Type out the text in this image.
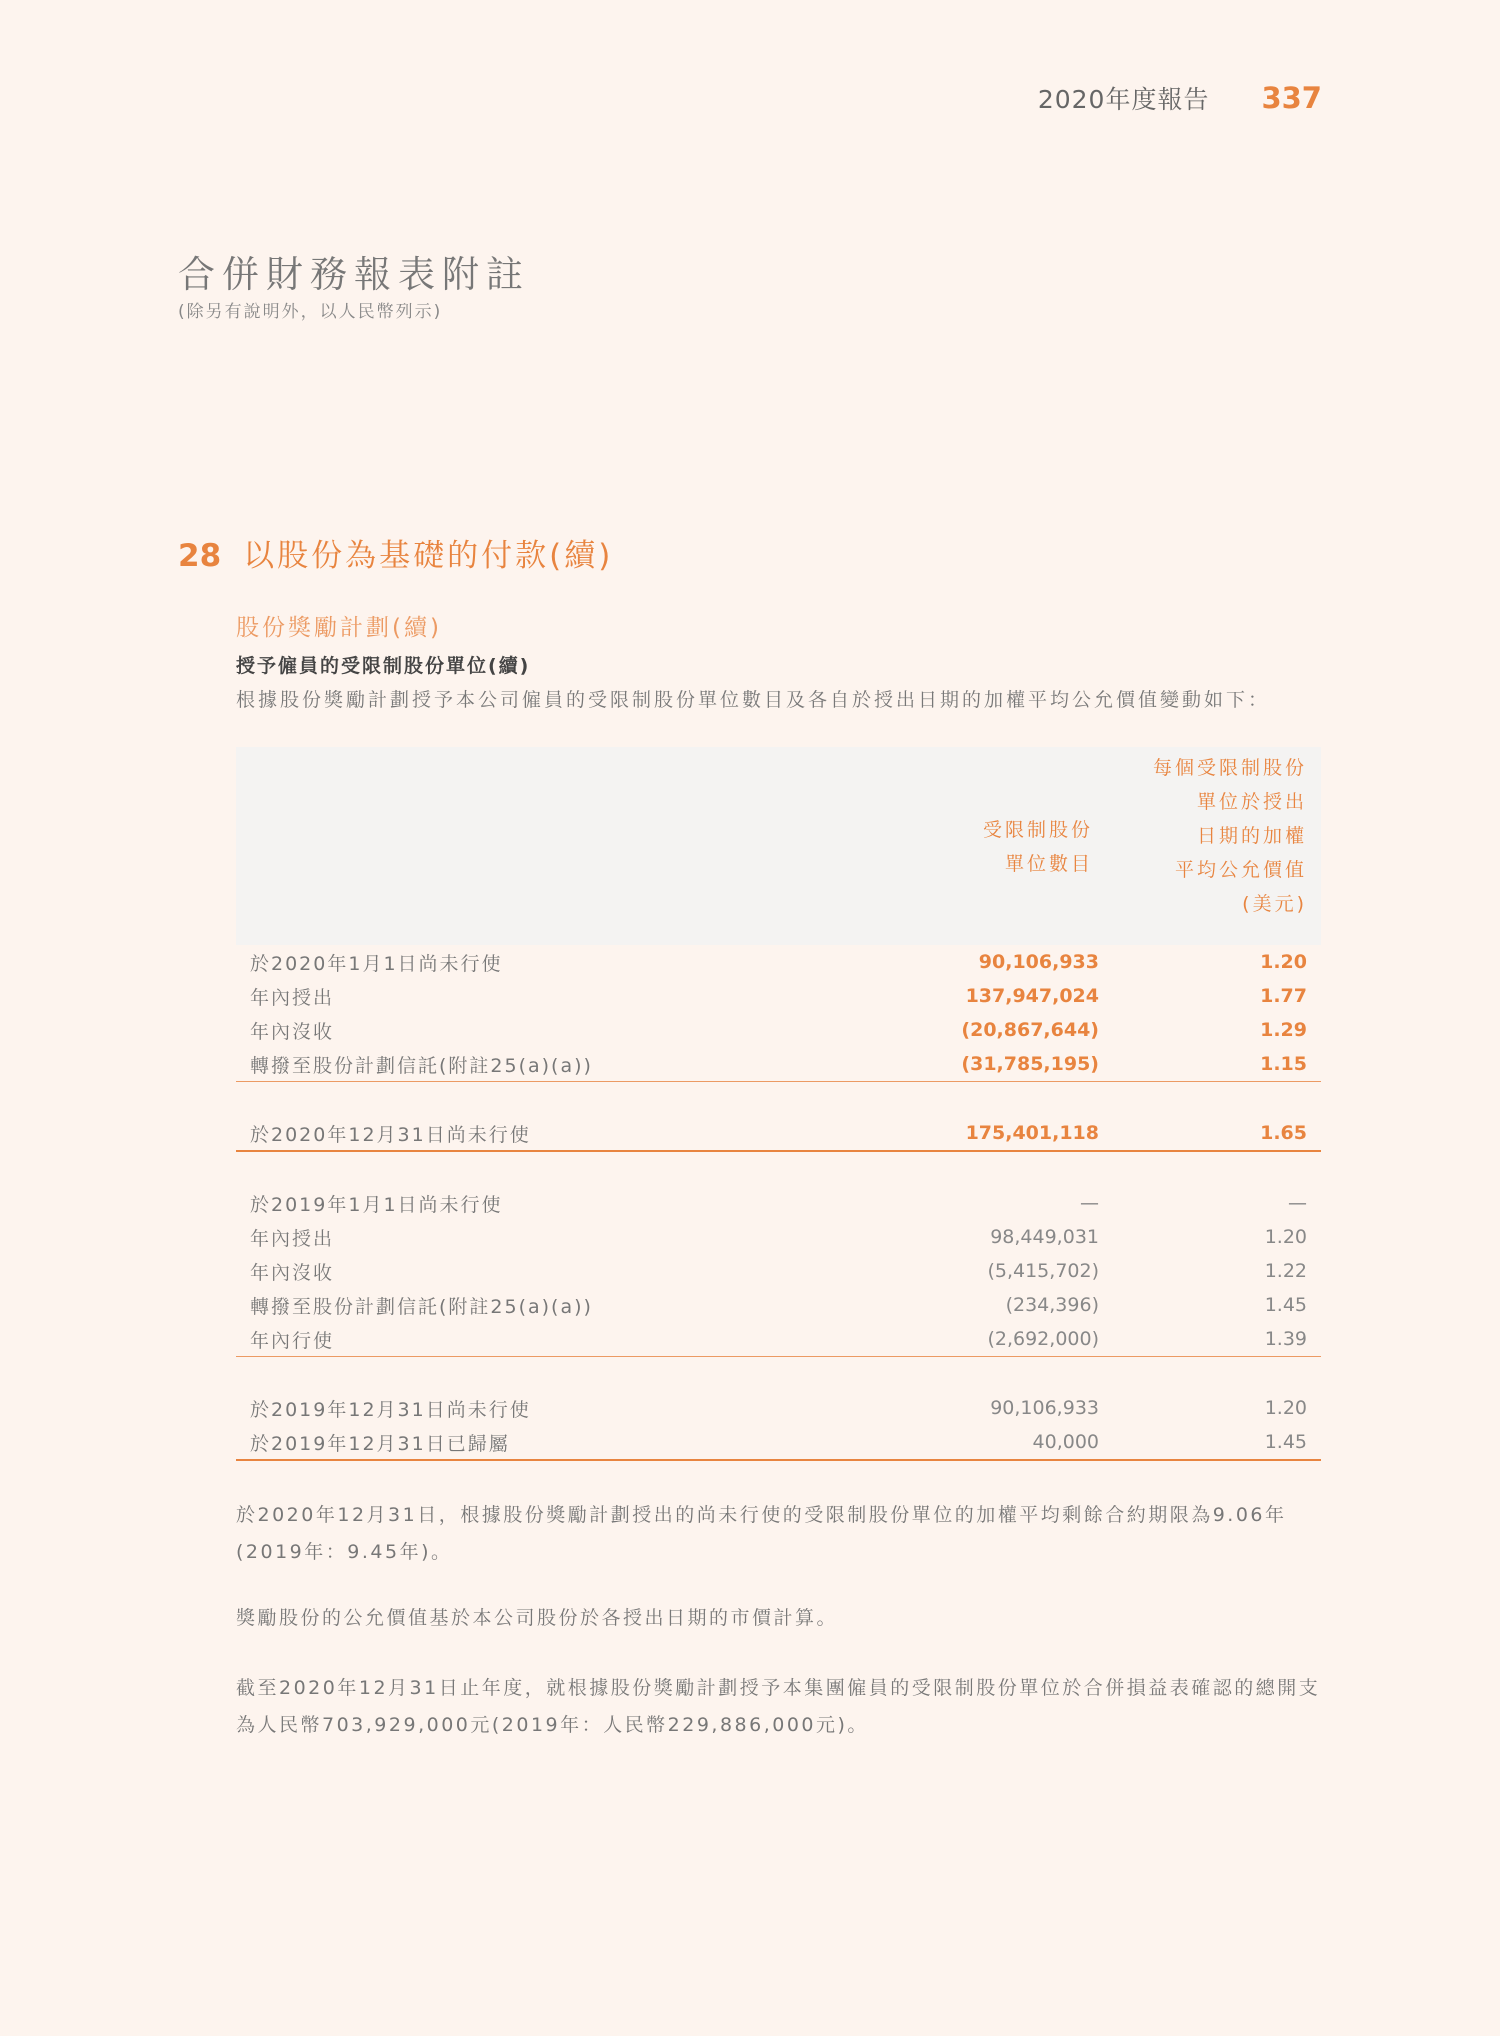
2020年度報告 337
合併財務報表附註
(除另有說明外，以人民幣列示)
28 以股份為基礎的付款(續)
股份獎勵計劃(續)
授予僱員的受限制股份單位(續)
根據股份獎勵計劃授予本公司僱員的受限制股份單位數目及各自於授出日期的加權平均公允價值變動如下：
受限制股份
單位數目
每個受限制股份
單位於授出
日期的加權
平均公允價值
(美元)
於2020年1月1日尚未行使	90,106,933	1.20
年內授出	137,947,024	1.77
年內沒收	(20,867,644)	1.29
轉撥至股份計劃信託(附註25(a)(a))	(31,785,195)	1.15
於2020年12月31日尚未行使	175,401,118	1.65
於2019年1月1日尚未行使	—	—
年內授出	98,449,031	1.20
年內沒收	(5,415,702)	1.22
轉撥至股份計劃信託(附註25(a)(a))	(234,396)	1.45
年內行使	(2,692,000)	1.39
於2019年12月31日尚未行使	90,106,933	1.20
於2019年12月31日已歸屬	40,000	1.45
於2020年12月31日，根據股份獎勵計劃授出的尚未行使的受限制股份單位的加權平均剩餘合約期限為9.06年(2019年：9.45年)。
獎勵股份的公允價值基於本公司股份於各授出日期的市價計算。
截至2020年12月31日止年度，就根據股份獎勵計劃授予本集團僱員的受限制股份單位於合併損益表確認的總開支為人民幣703,929,000元(2019年：人民幣229,886,000元)。
